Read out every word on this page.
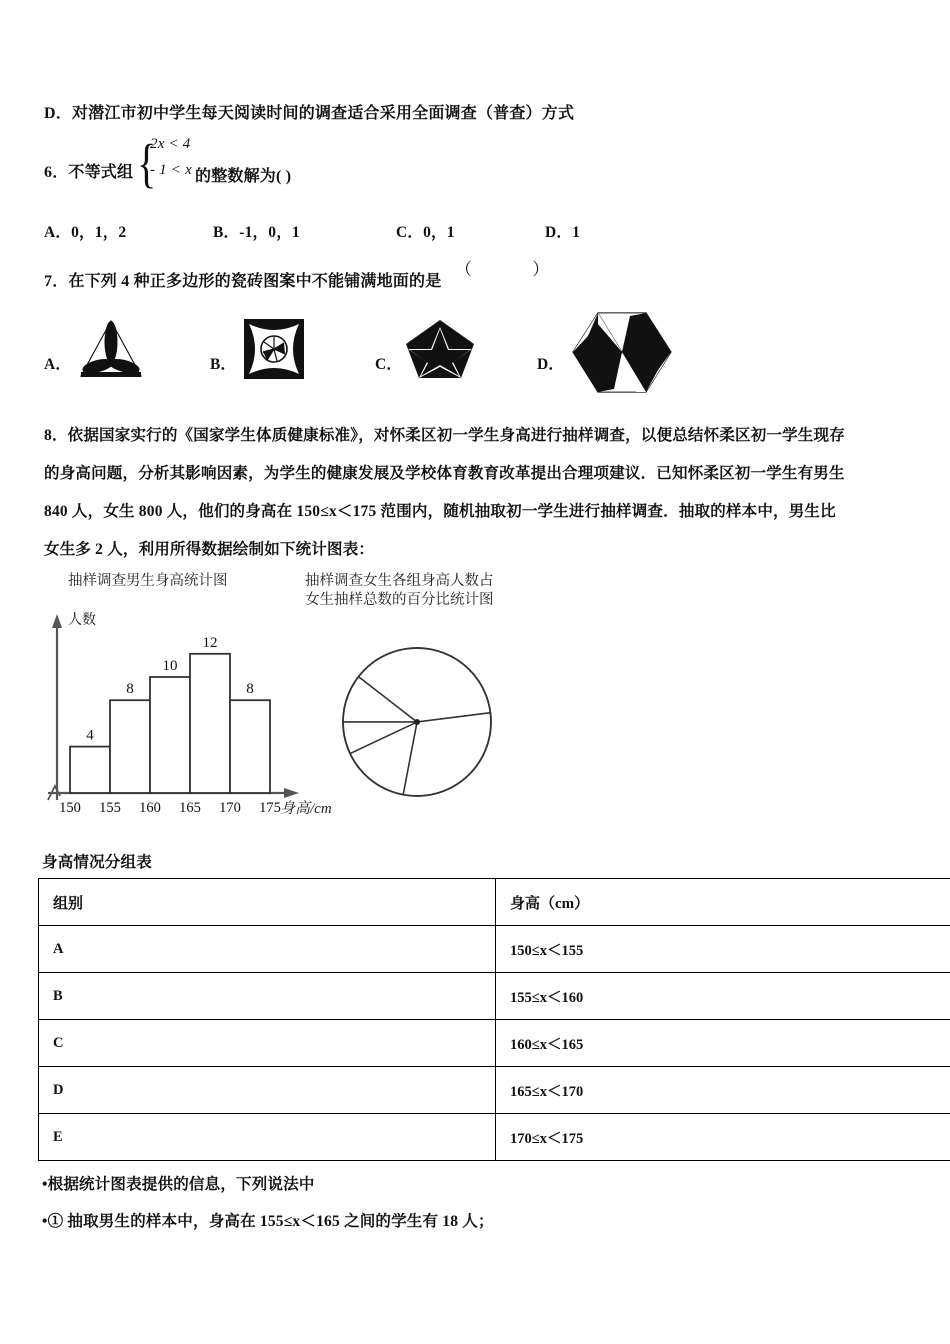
D．对潜江市初中学生每天阅读时间的调查适合采用全面调查（普查）方式
6．不等式组 {
2x < 4
- 1 < x 的整数解为( )
A．0，1，2	B．-1，0，1	C．0，1	D．1
7．在下列 4 种正多边形的瓷砖图案中不能铺满地面的是
（ ）
A．	B．	C．	D．
8．依据国家实行的《国家学生体质健康标准》，对怀柔区初一学生身高进行抽样调查，以便总结怀柔区初一学生现存
的身高问题，分析其影响因素，为学生的健康发展及学校体育教育改革提出合理项建议．已知怀柔区初一学生有男生
840 人，女生 800 人，他们的身高在 150≤x＜175 范围内，随机抽取初一学生进行抽样调查．抽取的样本中，男生比
女生多 2 人，利用所得数据绘制如下统计图表：
抽样调查男生身高统计图	抽样调查女生各组身高人数占
女生抽样总数的百分比统计图
人数
身高/cm
4
8
10
12
8
150 155 160 165 170 175
身高情况分组表
组别	身高（cm）
A	150≤x＜155
B	155≤x＜160
C	160≤x＜165
D	165≤x＜170
E	170≤x＜175
•根据统计图表提供的信息，下列说法中
•① 抽取男生的样本中，身高在 155≤x＜165 之间的学生有 18 人；
